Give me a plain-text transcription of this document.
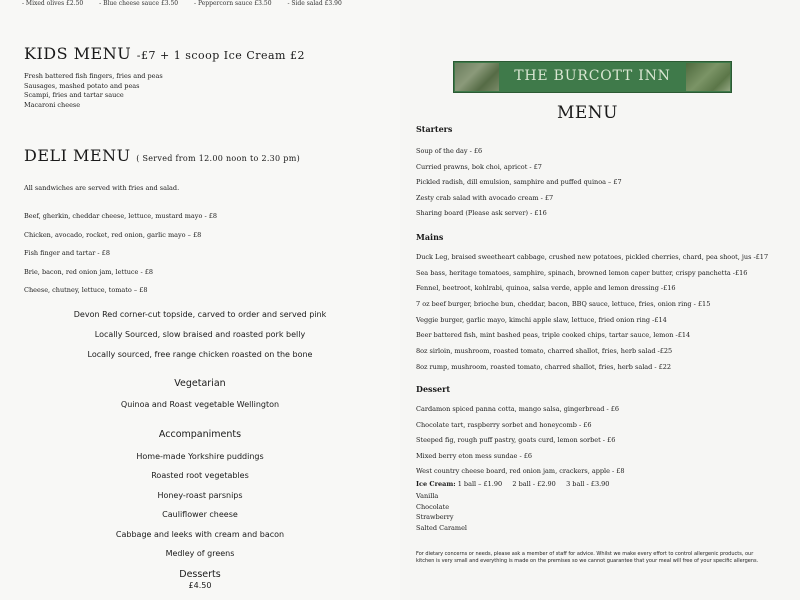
- Mixed olives £2.50	- Blue cheese sauce £3.50	- Peppercorn sauce £3.50	- Side salad £3.90
KIDS MENU -£7 + 1 scoop Ice Cream £2
Fresh battered fish fingers, fries and peas
Sausages, mashed potato and peas
Scampi, fries and tartar sauce
Macaroni cheese
DELI MENU ( Served from 12.00 noon to 2.30 pm)
All sandwiches are served with fries and salad.
Beef, gherkin, cheddar cheese, lettuce, mustard mayo - £8
Chicken, avocado, rocket, red onion, garlic mayo – £8
Fish finger and tartar - £8
Brie, bacon, red onion jam, lettuce - £8
Cheese, chutney, lettuce, tomato – £8
Devon Red corner-cut topside, carved to order and served pink
Locally Sourced, slow braised and roasted pork belly
Locally sourced, free range chicken roasted on the bone
Vegetarian
Quinoa and Roast vegetable Wellington
Accompaniments
Home-made Yorkshire puddings
Roasted root vegetables
Honey-roast parsnips
Cauliflower cheese
Cabbage and leeks with cream and bacon
Medley of greens
Desserts
£4.50
THE BURCOTT INN
MENU
Starters
Soup of the day - £6
Curried prawns, bok choi, apricot - £7
Pickled radish, dill emulsion, samphire and puffed quinoa – £7
Zesty crab salad with avocado cream - £7
Sharing board (Please ask server) - £16
Mains
Duck Leg, braised sweetheart cabbage, crushed new potatoes, pickled cherries, chard, pea shoot, jus -£17
Sea bass, heritage tomatoes, samphire, spinach, browned lemon caper butter, crispy panchetta -£16
Fennel, beetroot, kohlrabi, quinoa, salsa verde, apple and lemon dressing -£16
7 oz beef burger, brioche bun, cheddar, bacon, BBQ sauce, lettuce, fries, onion ring - £15
Veggie burger, garlic mayo, kimchi apple slaw, lettuce, fried onion ring -£14
Beer battered fish, mint bashed peas, triple cooked chips, tartar sauce, lemon -£14
8oz sirloin, mushroom, roasted tomato, charred shallot, fries, herb salad -£25
8oz rump, mushroom, roasted tomato, charred shallot, fries, herb salad - £22
Dessert
Cardamon spiced panna cotta, mango salsa, gingerbread - £6
Chocolate tart, raspberry sorbet and honeycomb - £6
Steeped fig, rough puff pastry, goats curd, lemon sorbet - £6
Mixed berry eton mess sundae - £6
West country cheese board, red onion jam, crackers, apple - £8
Ice Cream: 1 ball – £1.90     2 ball - £2.90     3 ball - £3.90
Vanilla
Chocolate
Strawberry
Salted Caramel
For dietary concerns or needs, please ask a member of staff for advice. Whilst we make every effort to control allergenic products, our kitchen is very small and everything is made on the premises so we cannot guarantee that your meal will free of your specific allergens.
